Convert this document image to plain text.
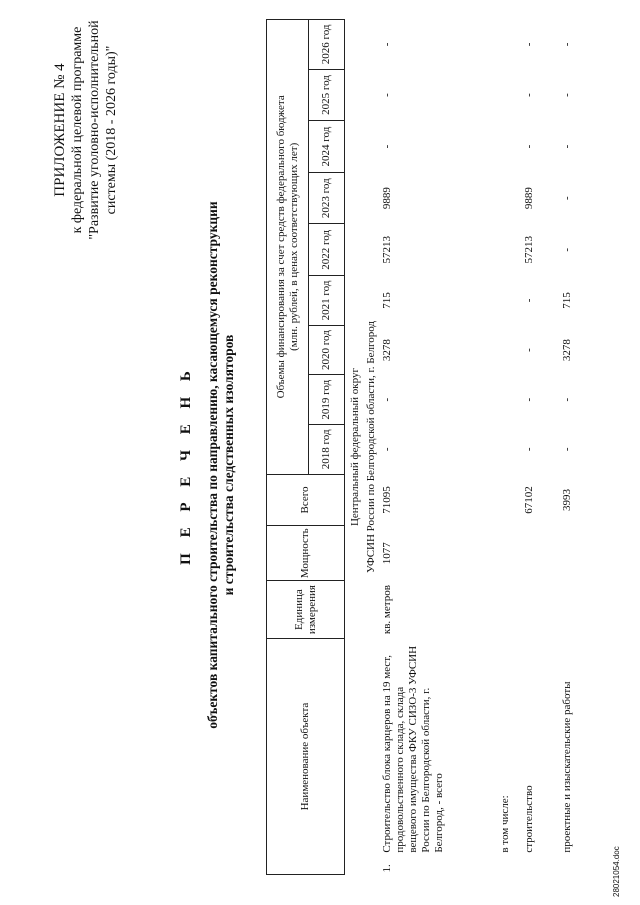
ПРИЛОЖЕНИЕ № 4 к федеральной целевой программе "Развитие уголовно-исполнительной системы (2018 - 2026 годы)"
П Е Р Е Ч Е Н Ь объектов капитального строительства по направлению, касающемуся реконструкции и строительства следственных изоляторов
Наименование объекта		Единица измерения	Мощность	Всего	Объемы финансирования за счет средств федерального бюджета (млн. рублей, в ценах соответствующих лет)								

					2018 год	2019 год	2020 год	2021 год	2022 год	2023 год	2024 год	2025 год	2026 год
Центральный федеральный округ													
УФСИН России по Белгородской области, г. Белгород													
1.	Строительство блока карцеров на 19 мест, продовольственного склада, склада вещевого имущества ФКУ СИЗО-3 УФСИН России по Белгородской области, г. Белгород, - всего	кв. метров	1077	71095	-	-	3278	715	57213	9889	-	-	-
	в том числе:												
	строительство			67102	-	-	-	-	57213	9889	-	-	-
	проектные и изыскательские работы			3993	-	-	3278	715	-	-	-	-	-
28021054.doc
